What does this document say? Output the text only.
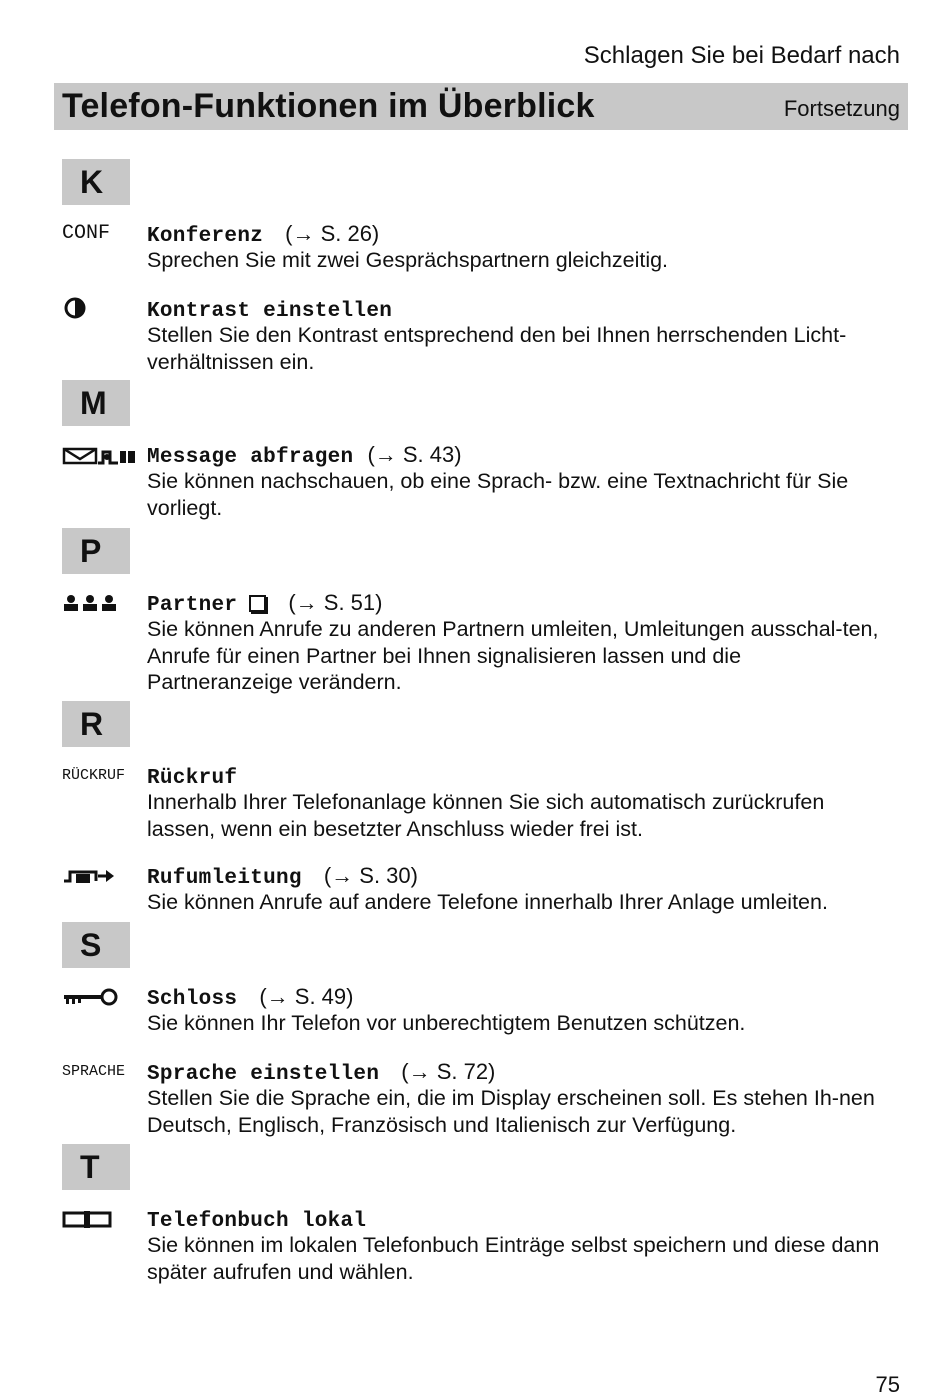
Schlagen Sie bei Bedarf nach
Telefon-Funktionen im Überblick	Fortsetzung
K
CONF	Konferenz (→ S. 26)
Sprechen Sie mit zwei Gesprächspartnern gleichzeitig.
Kontrast einstellen
Stellen Sie den Kontrast entsprechend den bei Ihnen herrschenden Licht-verhältnissen ein.
M
Message abfragen (→ S. 43)
Sie können nachschauen, ob eine Sprach- bzw. eine Textnachricht für Sie vorliegt.
P
Partner (→ S. 51)
Sie können Anrufe zu anderen Partnern umleiten, Umleitungen ausschal-ten, Anrufe für einen Partner bei Ihnen signalisieren lassen und die Partneranzeige verändern.
R
RÜCKRUF	Rückruf
Innerhalb Ihrer Telefonanlage können Sie sich automatisch zurückrufen lassen, wenn ein besetzter Anschluss wieder frei ist.
Rufumleitung (→ S. 30)
Sie können Anrufe auf andere Telefone innerhalb Ihrer Anlage umleiten.
S
Schloss (→ S. 49)
Sie können Ihr Telefon vor unberechtigtem Benutzen schützen.
SPRACHE	Sprache einstellen (→ S. 72)
Stellen Sie die Sprache ein, die im Display erscheinen soll. Es stehen Ih-nen Deutsch, Englisch, Französisch und Italienisch zur Verfügung.
T
Telefonbuch lokal
Sie können im lokalen Telefonbuch Einträge selbst speichern und diese dann später aufrufen und wählen.
75
